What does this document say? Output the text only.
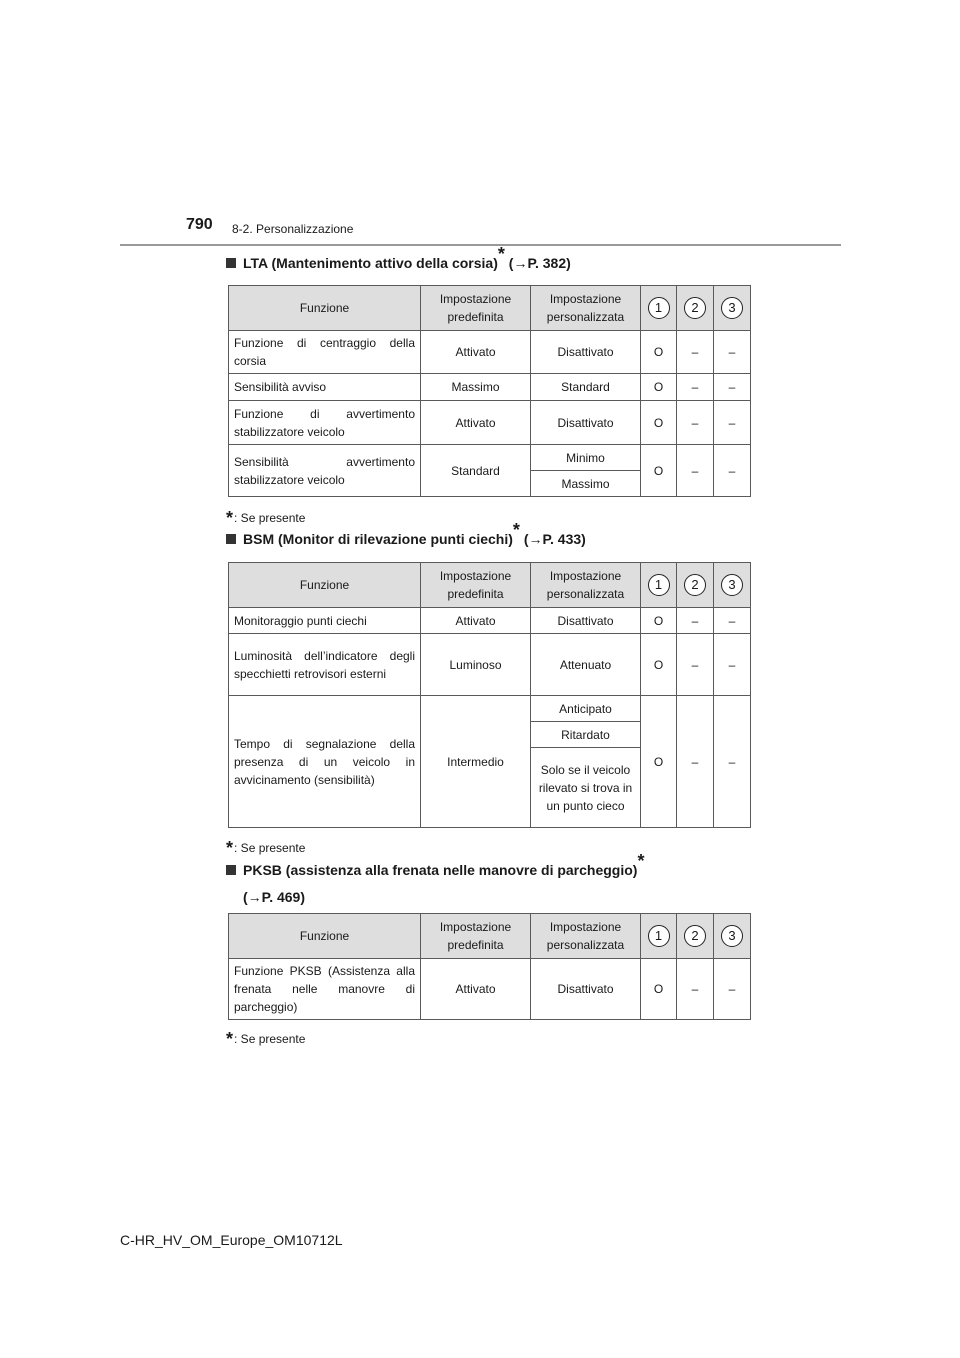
790 8-2. Personalizzazione
LTA (Mantenimento attivo della corsia)* (→P. 382)
Funzione	Impostazione predefinita	Impostazione personalizzata	1	2	3
Funzione di centraggio della corsia	Attivato	Disattivato	O	–	–
Sensibilità avviso	Massimo	Standard	O	–	–
Funzione di avvertimento stabilizzatore veicolo	Attivato	Disattivato	O	–	–
Sensibilità avvertimento stabilizzatore veicolo	Standard	Minimo	O	–	–
		Massimo			
*: Se presente
BSM (Monitor di rilevazione punti ciechi)* (→P. 433)
Funzione	Impostazione predefinita	Impostazione personalizzata	1	2	3
Monitoraggio punti ciechi	Attivato	Disattivato	O	–	–
Luminosità dell’indicatore degli specchietti retrovisori esterni	Luminoso	Attenuato	O	–	–
Tempo di segnalazione della presenza di un veicolo in avvicinamento (sensibilità)	Intermedio	Anticipato	O	–	–
		Ritardato			
		Solo se il veicolo rilevato si trova in un punto cieco			
*: Se presente
PKSB (assistenza alla frenata nelle manovre di parcheggio)*
(→P. 469)
Funzione	Impostazione predefinita	Impostazione personalizzata	1	2	3
Funzione PKSB (Assistenza alla frenata nelle manovre di parcheggio)	Attivato	Disattivato	O	–	–
*: Se presente
C-HR_HV_OM_Europe_OM10712L
